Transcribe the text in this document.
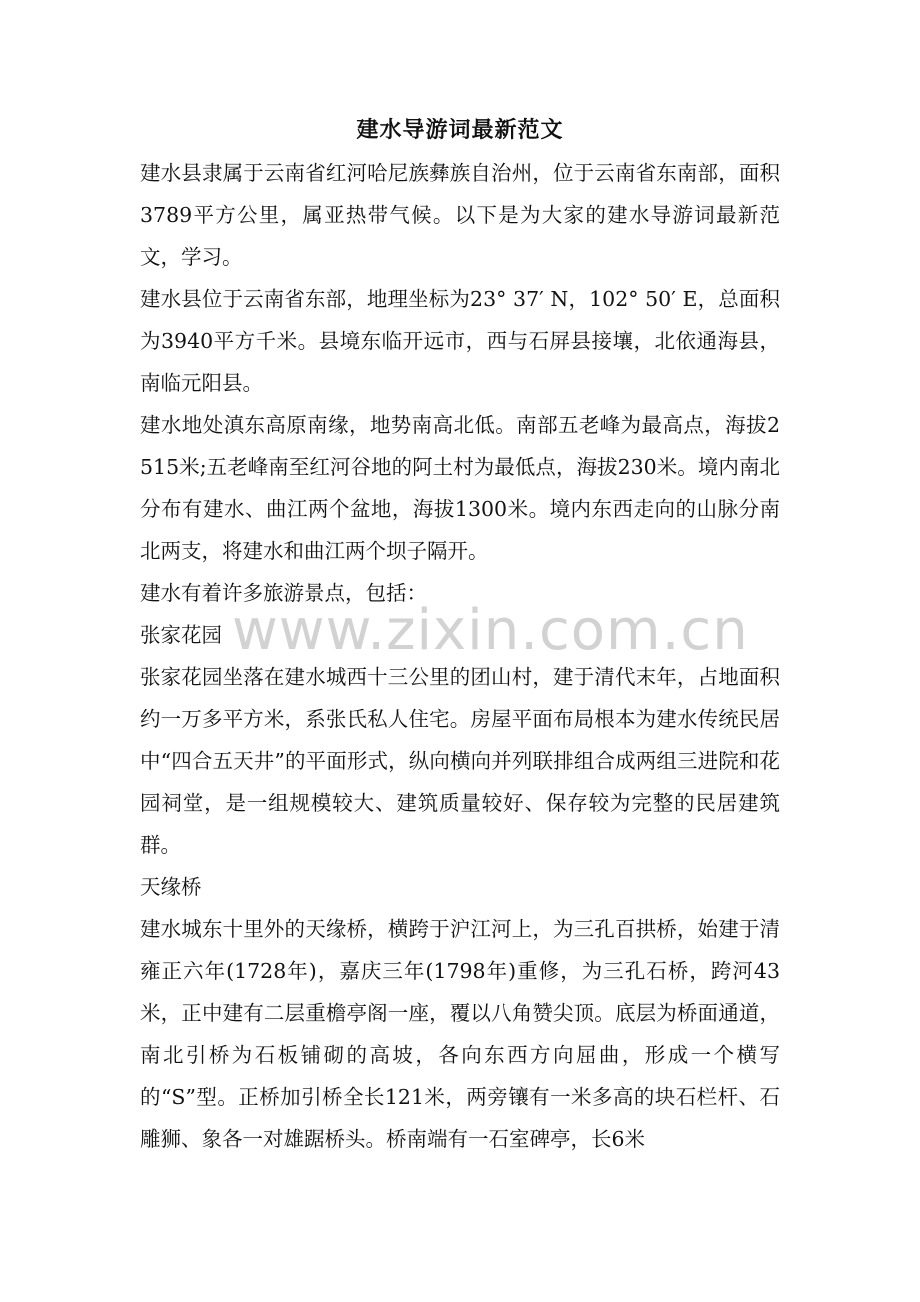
建水导游词最新范文

建水县隶属于云南省红河哈尼族彝族自治州，位于云南省东南部，面积3789平方公里，属亚热带气候。以下是为大家的建水导游词最新范文，学习。

建水县位于云南省东部，地理坐标为23° 37′ N，102° 50′ E，总面积为3940平方千米。县境东临开远市，西与石屏县接壤，北依通海县，南临元阳县。

建水地处滇东高原南缘，地势南高北低。南部五老峰为最高点，海拔2515米;五老峰南至红河谷地的阿土村为最低点，海拔230米。境内南北分布有建水、曲江两个盆地，海拔1300米。境内东西走向的山脉分南北两支，将建水和曲江两个坝子隔开。

建水有着许多旅游景点，包括：

张家花园

张家花园坐落在建水城西十三公里的团山村，建于清代末年，占地面积约一万多平方米，系张氏私人住宅。房屋平面布局根本为建水传统民居中“四合五天井”的平面形式，纵向横向并列联排组合成两组三进院和花园祠堂，是一组规模较大、建筑质量较好、保存较为完整的民居建筑群。

天缘桥

建水城东十里外的天缘桥，横跨于沪江河上，为三孔百拱桥，始建于清雍正六年(1728年)，嘉庆三年(1798年)重修，为三孔石桥，跨河43米，正中建有二层重檐亭阁一座，覆以八角赞尖顶。底层为桥面通道，南北引桥为石板铺砌的高坡，各向东西方向屈曲，形成一个横写的“S”型。正桥加引桥全长121米，两旁镶有一米多高的块石栏杆、石雕狮、象各一对雄踞桥头。桥南端有一石室碑亭，长6米

www.zixin.com.cn
